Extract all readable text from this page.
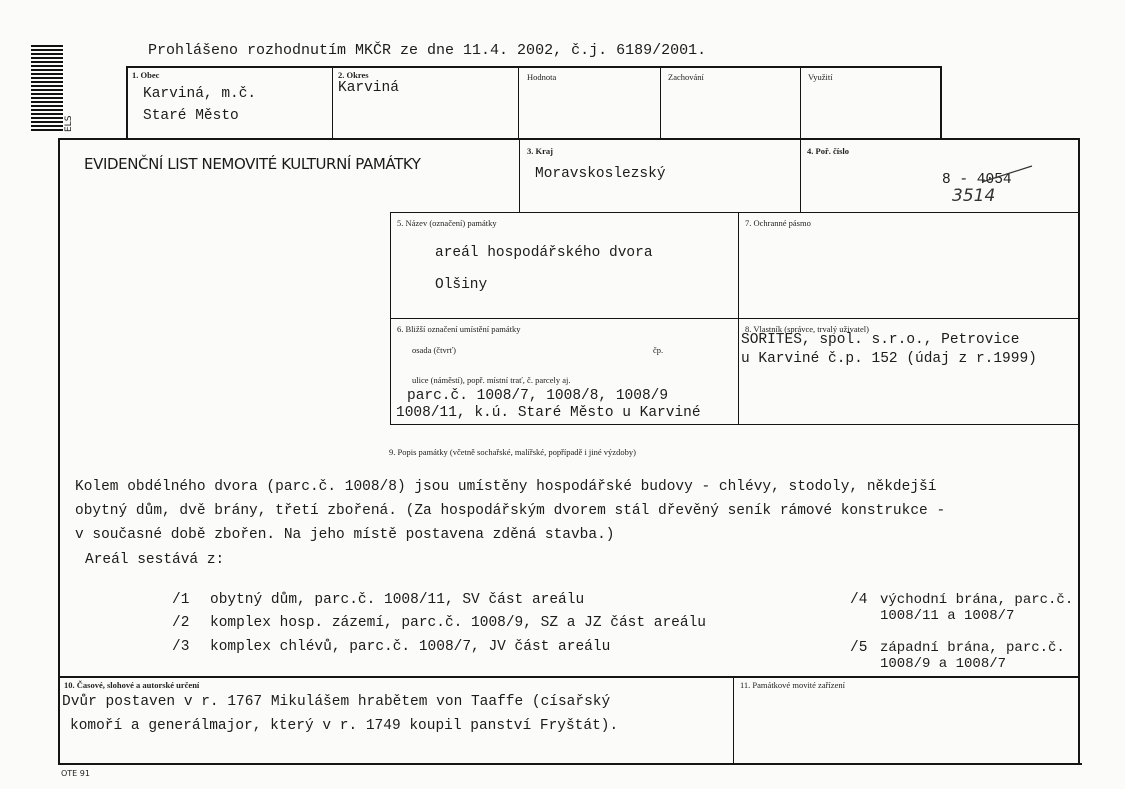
ELS
Prohlášeno rozhodnutím MKČR ze dne 11.4. 2002, č.j. 6189/2001.
1. Obec
Karviná, m.č.
Staré Město
2. Okres
Karviná
Hodnota	Zachování	Využití
EVIDENČNÍ LIST NEMOVITÉ KULTURNÍ PAMÁTKY
3. Kraj
Moravskoslezský
4. Poř. číslo
8 - 4054
3514
5. Název (označení) památky
areál hospodářského dvora
Olšiny
7. Ochranné pásmo
6. Bližší označení umístění památky
osada (čtvrť)	čp.
ulice (náměstí), popř. místní trať, č. parcely aj.
parc.č. 1008/7, 1008/8, 1008/9
1008/11, k.ú. Staré Město u Karviné
8. Vlastník (správce, trvalý uživatel)
SORITES, spol. s.r.o., Petrovice
u Karviné č.p. 152 (údaj z r.1999)
9. Popis památky (včetně sochařské, malířské, popřípadě i jiné výzdoby)
Kolem obdélného dvora (parc.č. 1008/8) jsou umístěny hospodářské budovy - chlévy, stodoly, někdejší
obytný dům, dvě brány, třetí zbořená. (Za hospodářským dvorem stál dřevěný seník rámové konstrukce -
v současné době zbořen. Na jeho místě postavena zděná stavba.)
Areál sestává z:
/1 obytný dům, parc.č. 1008/11, SV část areálu
/2 komplex hosp. zázemí, parc.č. 1008/9, SZ a JZ část areálu
/3 komplex chlévů, parc.č. 1008/7, JV část areálu
/4 východní brána, parc.č.
1008/11 a 1008/7
/5 západní brána, parc.č.
1008/9 a 1008/7
10. Časové, slohové a autorské určení
Dvůr postaven v r. 1767 Mikulášem hrabětem von Taaffe (císařský
komoří a generálmajor, který v r. 1749 koupil panství Fryštát).
11. Památkové movité zařízení
OTE 91
